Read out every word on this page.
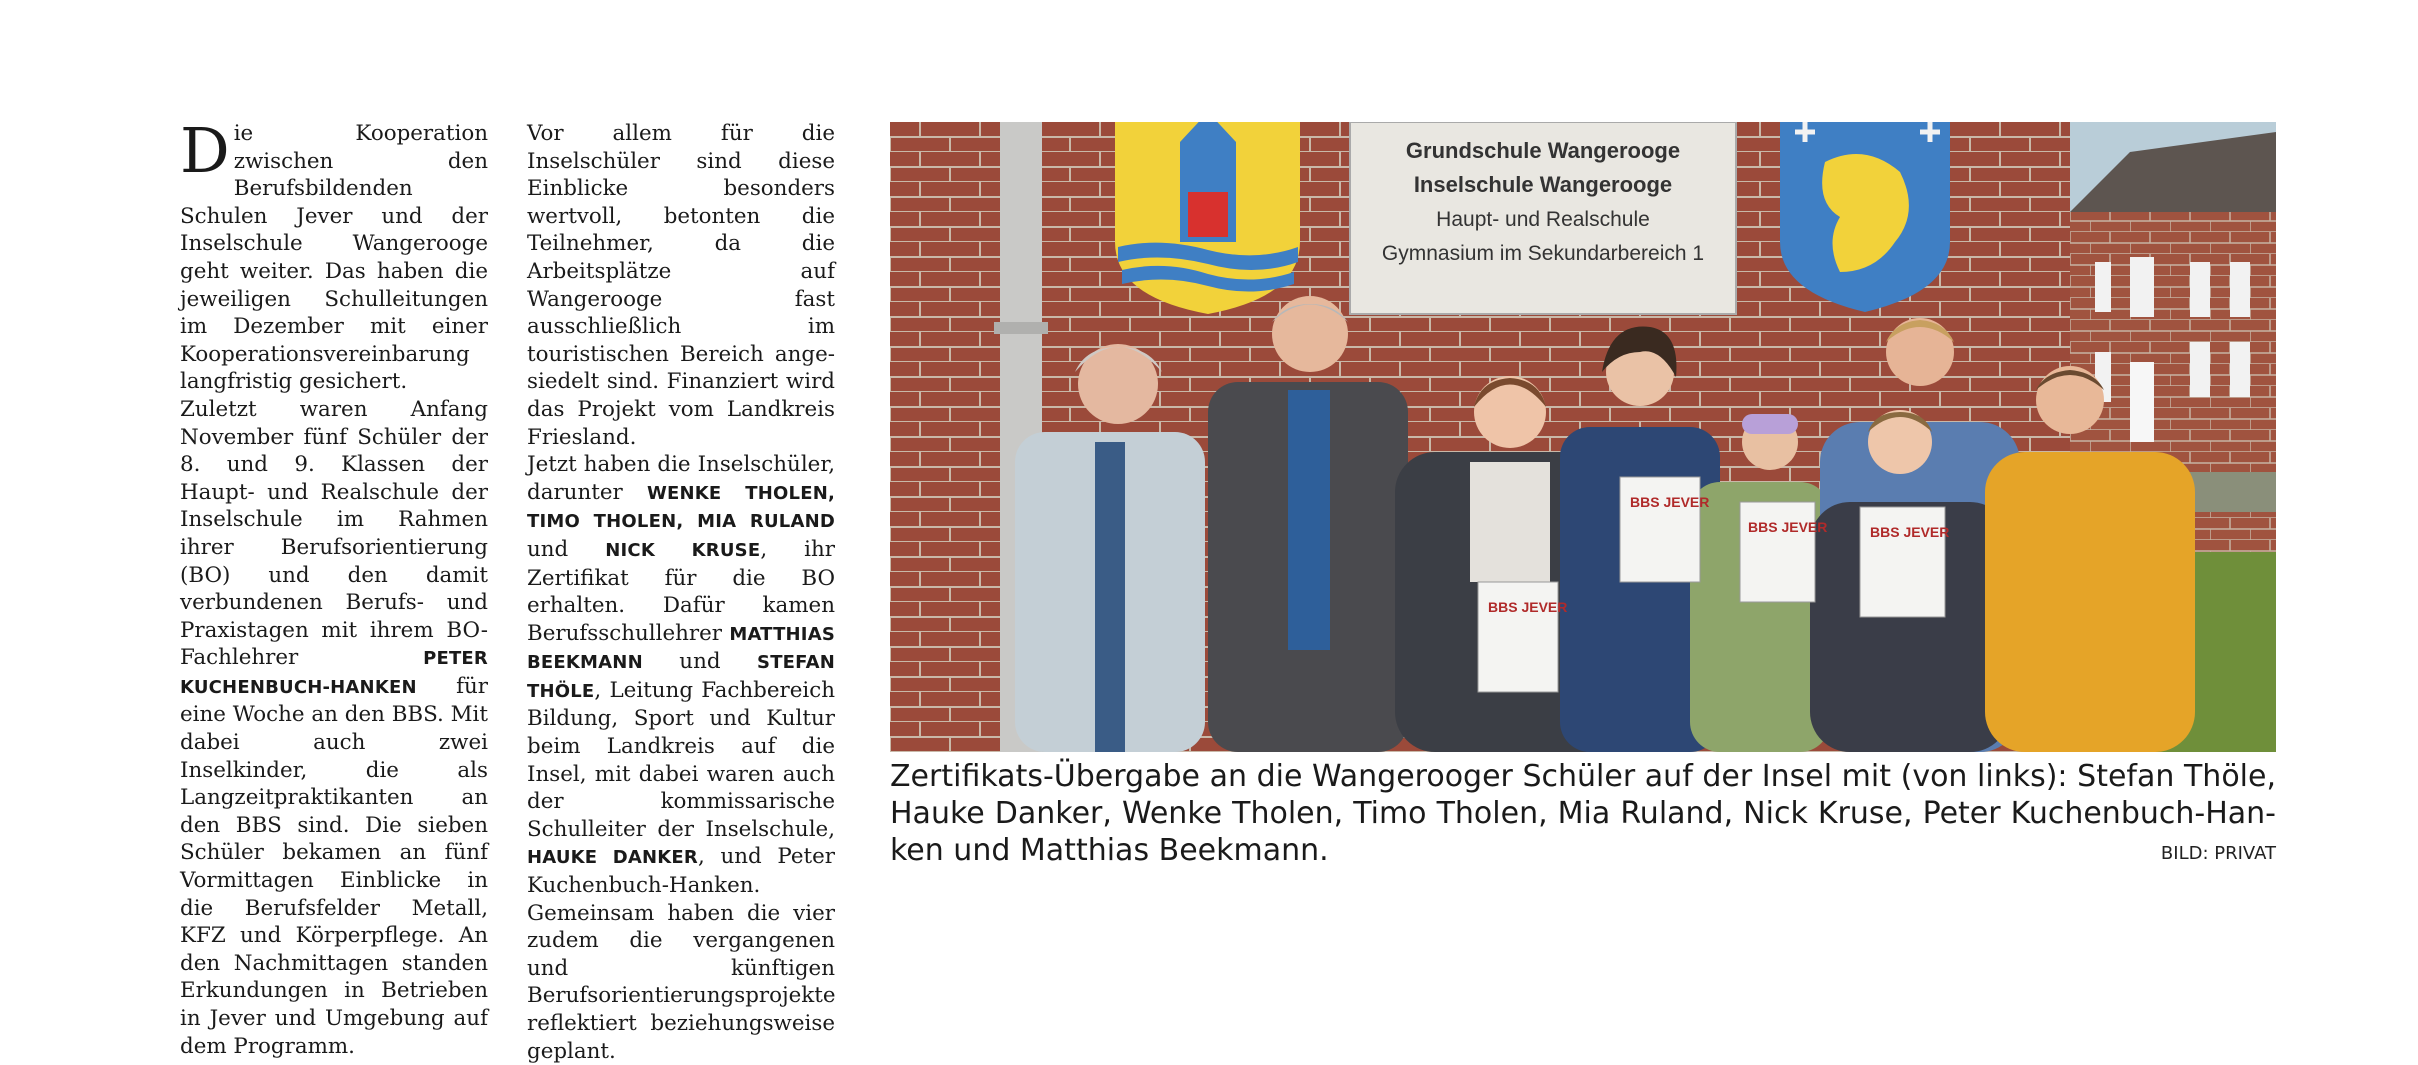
Die Kooperation zwischen den Berufsbildenden Schulen Jever und der Inselschule Wangerooge geht weiter. Das haben die jeweiligen Schulleitungen im Dezember mit einer Kooperationsvereinbarung langfristig gesichert.

Zuletzt waren Anfang November fünf Schüler der 8. und 9. Klassen der Haupt- und Realschule der Inselschule im Rahmen ihrer Berufsorientierung (BO) und den damit verbundenen Berufs- und Praxistagen mit ihrem BO-Fachlehrer PETER KUCHENBUCH-HANKEN für eine Woche an den BBS. Mit dabei auch zwei Inselkinder, die als Langzeitpraktikanten an den BBS sind. Die sieben Schüler bekamen an fünf Vormittagen Einblicke in die Berufsfelder Metall, KFZ und Körperpflege. An den Nachmittagen standen Erkundungen in Betrieben in Jever und Umgebung auf dem Programm.

Vor allem für die Inselschüler sind diese Einblicke besonders wertvoll, betonten die Teilnehmer, da die Arbeitsplätze auf Wangerooge fast ausschließlich im touristischen Bereich angesiedelt sind. Finanziert wird das Projekt vom Landkreis Friesland.

Jetzt haben die Inselschüler, darunter WENKE THOLEN, TIMO THOLEN, MIA RULAND und NICK KRUSE, ihr Zertifikat für die BO erhalten. Dafür kamen Berufsschullehrer MATTHIAS BEEKMANN und STEFAN THÖLE, Leitung Fachbereich Bildung, Sport und Kultur beim Landkreis auf die Insel, mit dabei waren auch der kommissarische Schulleiter der Inselschule, HAUKE DANKER, und Peter Kuchenbuch-Hanken. Gemeinsam haben die vier zudem die vergangenen und künftigen Berufsorientierungsprojekte reflektiert beziehungsweise geplant.

Grundschule Wangerooge
Inselschule Wangerooge
Haupt- und Realschule
Gymnasium im Sekundarbereich 1
BBS JEVER
BBS JEVER
BBS JEVER	BBS JEVER

Zertifikats-Übergabe an die Wangerooger Schüler auf der Insel mit (von links): Stefan Thöle, Hauke Danker, Wenke Tholen, Timo Tholen, Mia Ruland, Nick Kruse, Peter Kuchenbuch-Hanken und Matthias Beekmann.	BILD: PRIVAT
